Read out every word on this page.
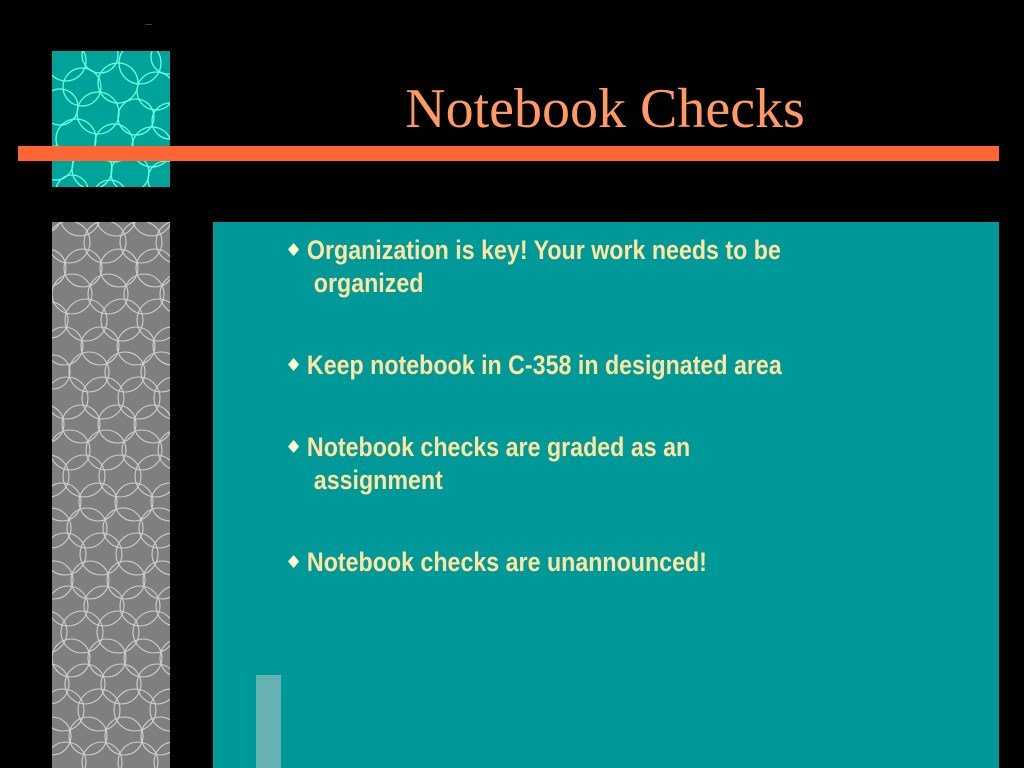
Notebook Checks
Organization is key! Your work needs to be
organized
Keep notebook in C-358 in designated area
Notebook checks are graded as an
assignment
Notebook checks are unannounced!
